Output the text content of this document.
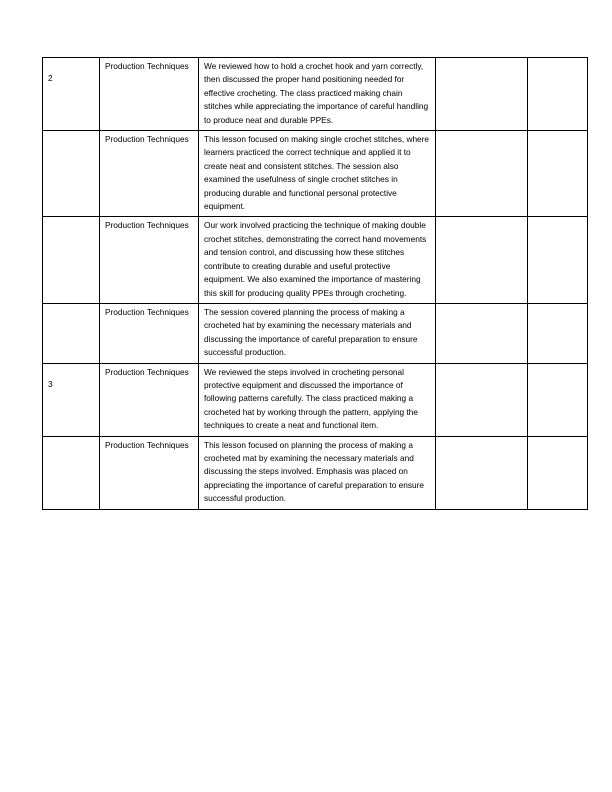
2	Production Techniques	We reviewed how to hold a crochet hook and yarn correctly, then discussed the proper hand positioning needed for effective crocheting. The class practiced making chain stitches while appreciating the importance of careful handling to produce neat and durable PPEs.		
	Production Techniques	This lesson focused on making single crochet stitches, where learners practiced the correct technique and applied it to create neat and consistent stitches. The session also examined the usefulness of single crochet stitches in producing durable and functional personal protective equipment.		
	Production Techniques	Our work involved practicing the technique of making double crochet stitches, demonstrating the correct hand movements and tension control, and discussing how these stitches contribute to creating durable and useful protective equipment. We also examined the importance of mastering this skill for producing quality PPEs through crocheting.		
	Production Techniques	The session covered planning the process of making a crocheted hat by examining the necessary materials and discussing the importance of careful preparation to ensure successful production.		
3	Production Techniques	We reviewed the steps involved in crocheting personal protective equipment and discussed the importance of following patterns carefully. The class practiced making a crocheted hat by working through the pattern, applying the techniques to create a neat and functional item.		
	Production Techniques	This lesson focused on planning the process of making a crocheted mat by examining the necessary materials and discussing the steps involved. Emphasis was placed on appreciating the importance of careful preparation to ensure successful production.		
